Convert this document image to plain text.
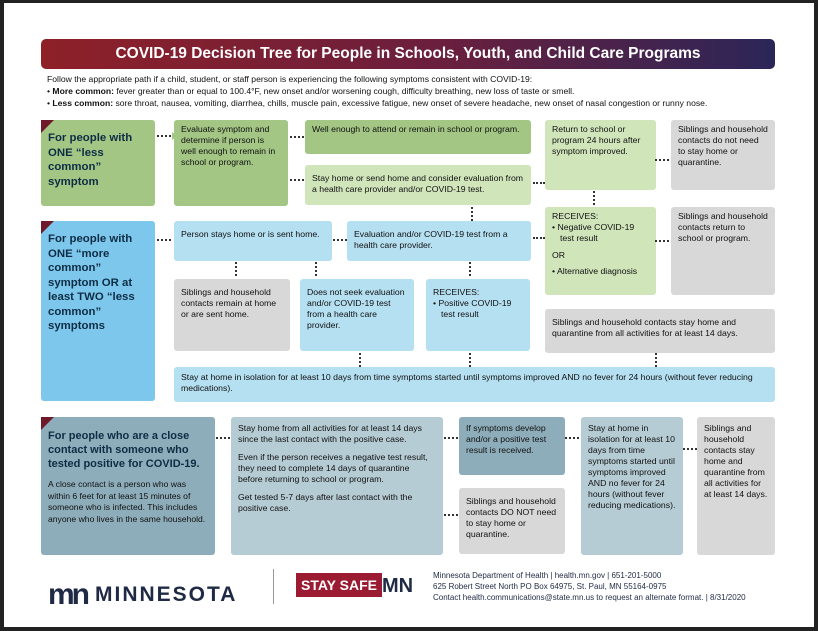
COVID-19 Decision Tree for People in Schools, Youth, and Child Care Programs
Follow the appropriate path if a child, student, or staff person is experiencing the following symptoms consistent with COVID-19:
• More common: fever greater than or equal to 100.4°F, new onset and/or worsening cough, difficulty breathing, new loss of taste or smell.
• Less common: sore throat, nausea, vomiting, diarrhea, chills, muscle pain, excessive fatigue, new onset of severe headache, new onset of nasal congestion or runny nose.
For people with ONE “less common” symptom
Evaluate symptom and determine if person is well enough to remain in school or program.
Well enough to attend or remain in school or program.
Stay home or send home and consider evaluation from a health care provider and/or COVID-19 test.
Return to school or program 24 hours after symptom improved.
Siblings and household contacts do not need to stay home or quarantine.
For people with ONE “more common” symptom OR at least TWO “less common” symptoms
Person stays home or is sent home.	Evaluation and/or COVID-19 test from a health care provider.
RECEIVES:
• Negative COVID-19 test result
OR
• Alternative diagnosis
Siblings and household contacts return to school or program.
Siblings and household contacts remain at home or are sent home.
Does not seek evaluation and/or COVID-19 test from a health care provider.
RECEIVES:
• Positive COVID-19 test result
Siblings and household contacts stay home and quarantine from all activities for at least 14 days.
Stay at home in isolation for at least 10 days from time symptoms started until symptoms improved AND no fever for 24 hours (without fever reducing medications).
For people who are a close contact with someone who tested positive for COVID-19.
A close contact is a person who was within 6 feet for at least 15 minutes of someone who is infected. This includes anyone who lives in the same household.
Stay home from all activities for at least 14 days since the last contact with the positive case.
Even if the person receives a negative test result, they need to complete 14 days of quarantine before returning to school or program.
Get tested 5-7 days after last contact with the positive case.
If symptoms develop and/or a positive test result is received.
Siblings and household contacts DO NOT need to stay home or quarantine.
Stay at home in isolation for at least 10 days from time symptoms started until symptoms improved AND no fever for 24 hours (without fever reducing medications).
Siblings and household contacts stay home and quarantine from all activities for at least 14 days.
mn MINNESOTA	STAY SAFE MN Minnesota Department of Health | health.mn.gov | 651-201-5000
625 Robert Street North PO Box 64975, St. Paul, MN 55164-0975
Contact health.communications@state.mn.us to request an alternate format. | 8/31/2020
